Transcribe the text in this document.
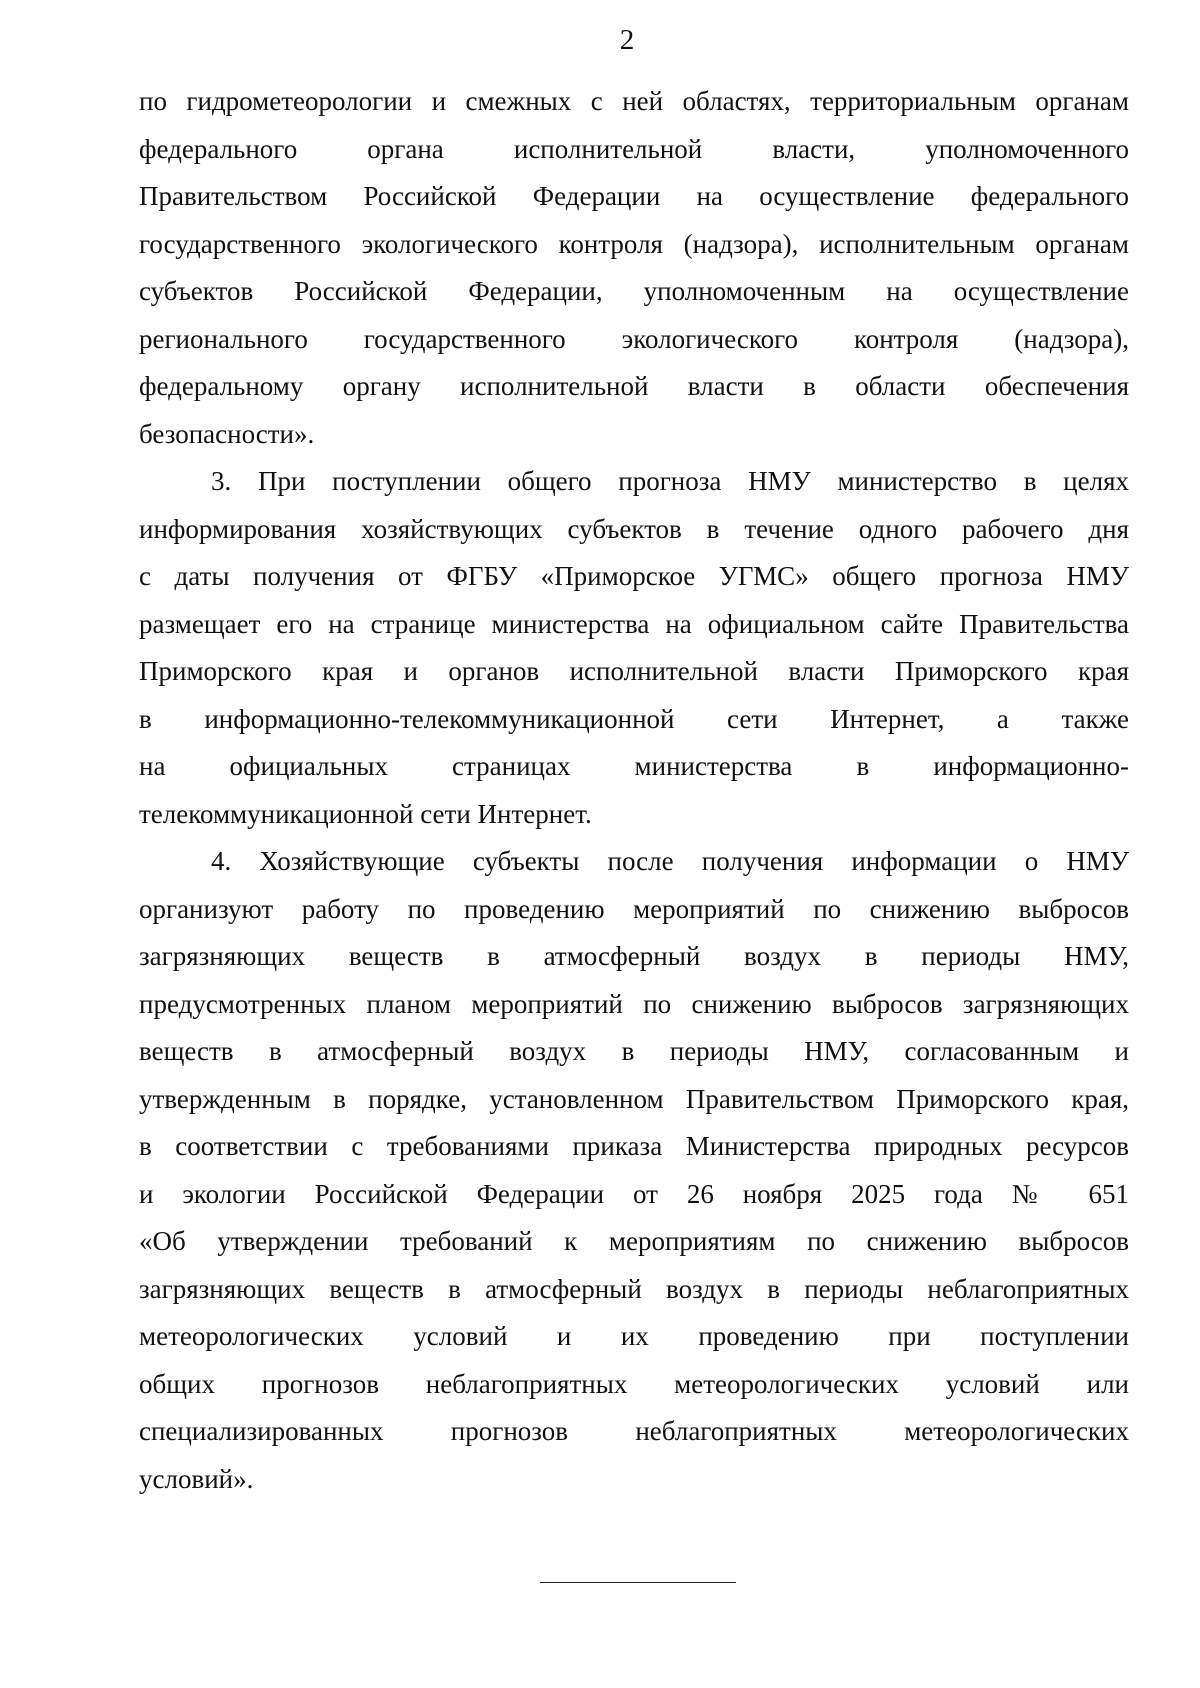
2
по гидрометеорологии и смежных с ней областях, территориальным органам
федерального органа исполнительной власти, уполномоченного
Правительством Российской Федерации на осуществление федерального
государственного экологического контроля (надзора), исполнительным органам
субъектов Российской Федерации, уполномоченным на осуществление
регионального государственного экологического контроля (надзора),
федеральному органу исполнительной власти в области обеспечения
безопасности».
3. При поступлении общего прогноза НМУ министерство в целях
информирования хозяйствующих субъектов в течение одного рабочего дня
с даты получения от ФГБУ «Приморское УГМС» общего прогноза НМУ
размещает его на странице министерства на официальном сайте Правительства
Приморского края и органов исполнительной власти Приморского края
в информационно-телекоммуникационной сети Интернет, а также
на официальных страницах министерства в информационно-
телекоммуникационной сети Интернет.
4. Хозяйствующие субъекты после получения информации о НМУ
организуют работу по проведению мероприятий по снижению выбросов
загрязняющих веществ в атмосферный воздух в периоды НМУ,
предусмотренных планом мероприятий по снижению выбросов загрязняющих
веществ в атмосферный воздух в периоды НМУ, согласованным и
утвержденным в порядке, установленном Правительством Приморского края,
в соответствии с требованиями приказа Министерства природных ресурсов
и экологии Российской Федерации от 26 ноября 2025 года № 651
«Об утверждении требований к мероприятиям по снижению выбросов
загрязняющих веществ в атмосферный воздух в периоды неблагоприятных
метеорологических условий и их проведению при поступлении
общих прогнозов неблагоприятных метеорологических условий или
специализированных прогнозов неблагоприятных метеорологических
условий».
